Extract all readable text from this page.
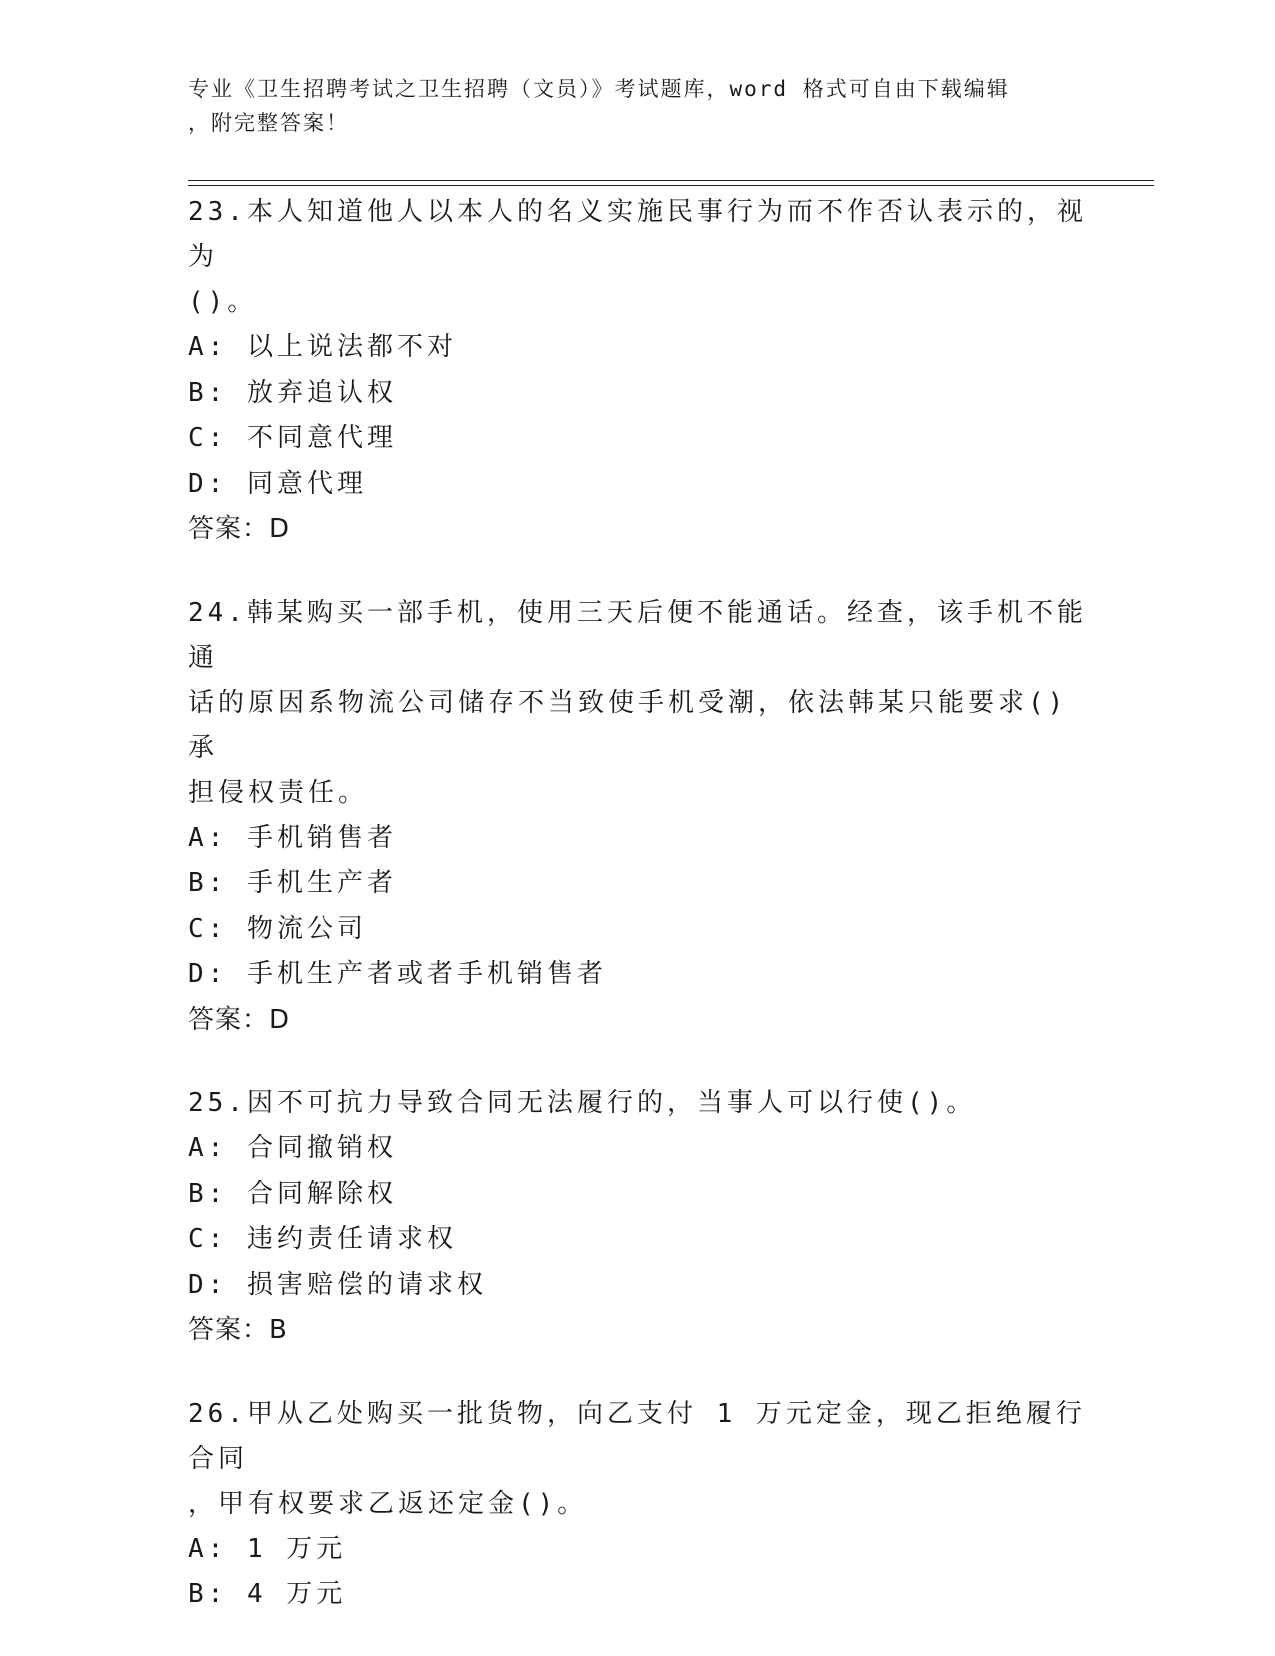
专业《卫生招聘考试之卫生招聘（文员）》考试题库，word 格式可自由下载编辑
，附完整答案！
23.本人知道他人以本人的名义实施民事行为而不作否认表示的，视为
()。
A: 以上说法都不对
B: 放弃追认权
C: 不同意代理
D: 同意代理
答案：D
24.韩某购买一部手机，使用三天后便不能通话。经查，该手机不能通
话的原因系物流公司储存不当致使手机受潮，依法韩某只能要求()承
担侵权责任。
A: 手机销售者
B: 手机生产者
C: 物流公司
D: 手机生产者或者手机销售者
答案：D
25.因不可抗力导致合同无法履行的，当事人可以行使()。
A: 合同撤销权
B: 合同解除权
C: 违约责任请求权
D: 损害赔偿的请求权
答案：B
26.甲从乙处购买一批货物，向乙支付 1 万元定金，现乙拒绝履行合同
，甲有权要求乙返还定金()。
A: 1 万元
B: 4 万元
